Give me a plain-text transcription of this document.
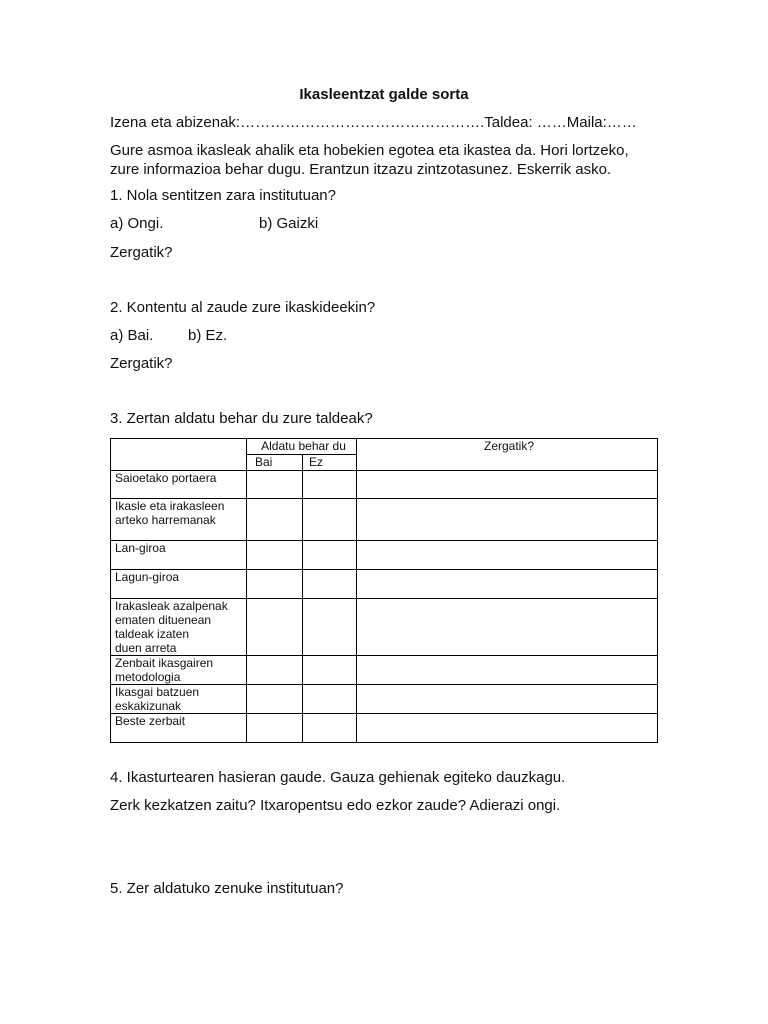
Ikasleentzat galde sorta
Izena eta abizenak:………………………………………….Taldea: ……Maila:……
Gure asmoa ikasleak ahalik eta hobekien egotea eta ikastea da. Hori lortzeko,
zure informazioa behar dugu. Erantzun itzazu zintzotasunez. Eskerrik asko.
1. Nola sentitzen zara institutuan?
a) Ongi.	b) Gaizki
Zergatik?
2. Kontentu al zaude zure ikaskideekin?
a) Bai. b) Ez.
Zergatik?
3. Zertan aldatu behar du zure taldeak?
	Aldatu behar du		Zergatik?
	Bai	Ez	

Saioetako portaera			

Ikasle eta irakasleen
arteko harremanak			

Lan-giroa			

Lagun-giroa			

Irakasleak azalpenak
ematen dituenean
taldeak izaten
duen arreta			

Zenbait ikasgairen
metodologia			

Ikasgai batzuen
eskakizunak			

Beste zerbait			

4. Ikasturtearen hasieran gaude. Gauza gehienak egiteko dauzkagu.
Zerk kezkatzen zaitu? Itxaropentsu edo ezkor zaude? Adierazi ongi.
5. Zer aldatuko zenuke institutuan?
